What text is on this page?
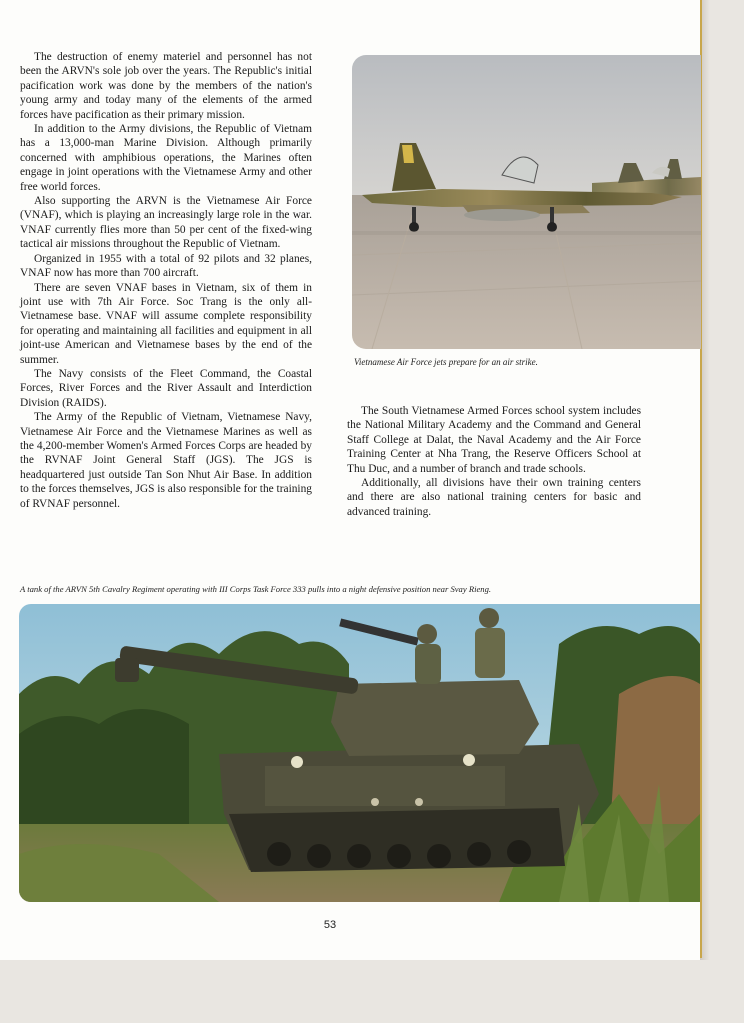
The destruction of enemy materiel and personnel has not been the ARVN's sole job over the years. The Republic's initial pacification work was done by the members of the nation's young army and today many of the elements of the armed forces have pacification as their primary mission.

In addition to the Army divisions, the Republic of Vietnam has a 13,000-man Marine Division. Although primarily concerned with amphibious operations, the Marines often engage in joint operations with the Vietnamese Army and other free world forces.

Also supporting the ARVN is the Vietnamese Air Force (VNAF), which is playing an increasingly large role in the war. VNAF currently flies more than 50 per cent of the fixed-wing tactical air missions throughout the Republic of Vietnam.

Organized in 1955 with a total of 92 pilots and 32 planes, VNAF now has more than 700 aircraft.

There are seven VNAF bases in Vietnam, six of them in joint use with 7th Air Force. Soc Trang is the only all-Vietnamese base. VNAF will assume complete responsibility for operating and maintaining all facilities and equipment in all joint-use American and Vietnamese bases by the end of the summer.

The Navy consists of the Fleet Command, the Coastal Forces, River Forces and the River Assault and Interdiction Division (RAIDS).

The Army of the Republic of Vietnam, Vietnamese Navy, Vietnamese Air Force and the Vietnamese Marines as well as the 4,200-member Women's Armed Forces Corps are headed by the RVNAF Joint General Staff (JGS). The JGS is headquartered just outside Tan Son Nhut Air Base. In addition to the forces themselves, JGS is also responsible for the training of RVNAF personnel.

Vietnamese Air Force jets prepare for an air strike.

The South Vietnamese Armed Forces school system includes the National Military Academy and the Command and General Staff College at Dalat, the Naval Academy and the Air Force Training Center at Nha Trang, the Reserve Officers School at Thu Duc, and a number of branch and trade schools.

Additionally, all divisions have their own training centers and there are also national training centers for basic and advanced training.

A tank of the ARVN 5th Cavalry Regiment operating with III Corps Task Force 333 pulls into a night defensive position near Svay Rieng.
53
